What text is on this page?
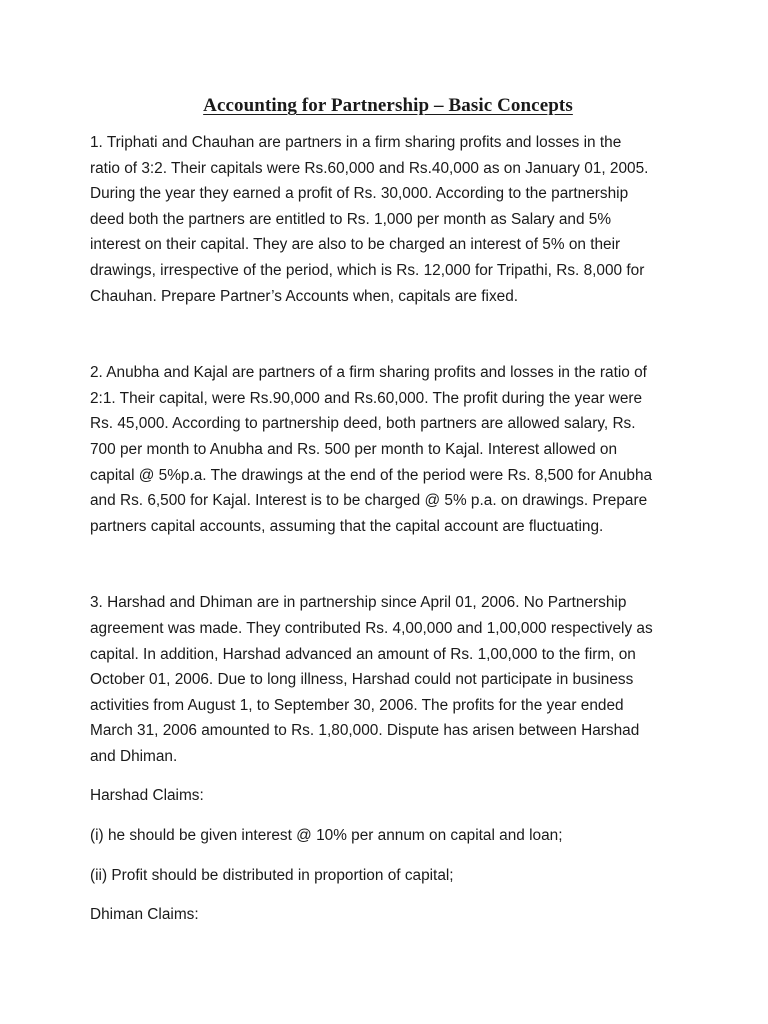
Accounting for Partnership – Basic Concepts

1. Triphati and Chauhan are partners in a firm sharing profits and losses in the
ratio of 3:2. Their capitals were Rs.60,000 and Rs.40,000 as on January 01, 2005.
During the year they earned a profit of Rs. 30,000. According to the partnership
deed both the partners are entitled to Rs. 1,000 per month as Salary and 5%
interest on their capital. They are also to be charged an interest of 5% on their
drawings, irrespective of the period, which is Rs. 12,000 for Tripathi, Rs. 8,000 for
Chauhan. Prepare Partner’s Accounts when, capitals are fixed.

2. Anubha and Kajal are partners of a firm sharing profits and losses in the ratio of
2:1. Their capital, were Rs.90,000 and Rs.60,000. The profit during the year were
Rs. 45,000. According to partnership deed, both partners are allowed salary, Rs.
700 per month to Anubha and Rs. 500 per month to Kajal. Interest allowed on
capital @ 5%p.a. The drawings at the end of the period were Rs. 8,500 for Anubha
and Rs. 6,500 for Kajal. Interest is to be charged @ 5% p.a. on drawings. Prepare
partners capital accounts, assuming that the capital account are fluctuating.

3. Harshad and Dhiman are in partnership since April 01, 2006. No Partnership
agreement was made. They contributed Rs. 4,00,000 and 1,00,000 respectively as
capital. In addition, Harshad advanced an amount of Rs. 1,00,000 to the firm, on
October 01, 2006. Due to long illness, Harshad could not participate in business
activities from August 1, to September 30, 2006. The profits for the year ended
March 31, 2006 amounted to Rs. 1,80,000. Dispute has arisen between Harshad
and Dhiman.

Harshad Claims:

(i) he should be given interest @ 10% per annum on capital and loan;

(ii) Profit should be distributed in proportion of capital;

Dhiman Claims:
